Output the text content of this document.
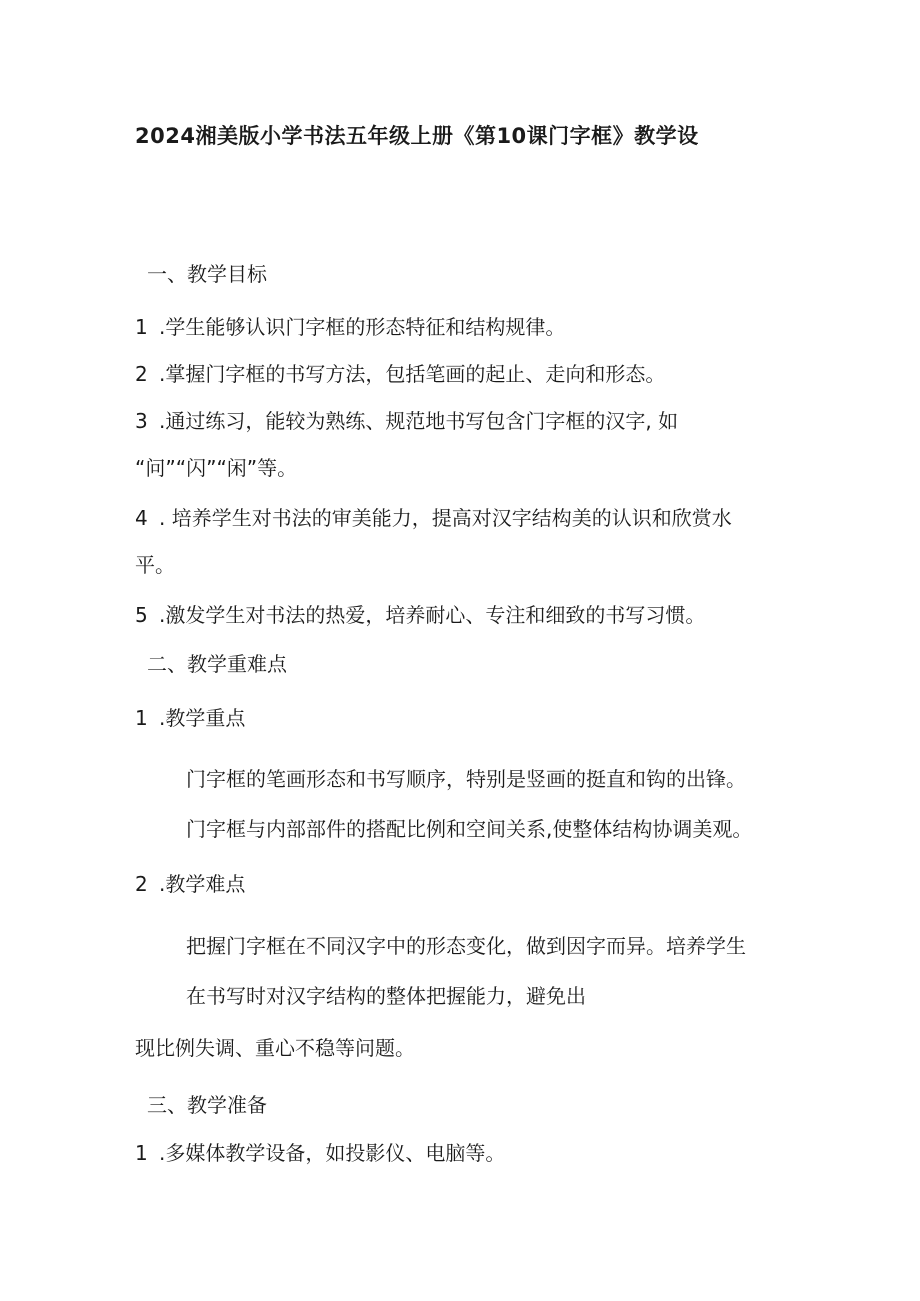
2024湘美版小学书法五年级上册《第10课门字框》教学设
一、教学目标
1 .学生能够认识门字框的形态特征和结构规律。
2 .掌握门字框的书写方法，包括笔画的起止、走向和形态。
3 .通过练习，能较为熟练、规范地书写包含门字框的汉字, 如
“问”“闪”“闲”等。
4 . 培养学生对书法的审美能力，提高对汉字结构美的认识和欣赏水
平。
5 .激发学生对书法的热爱，培养耐心、专注和细致的书写习惯。
二、教学重难点
1 .教学重点
门字框的笔画形态和书写顺序，特别是竖画的挺直和钩的出锋。
门字框与内部部件的搭配比例和空间关系,使整体结构协调美观。
2 .教学难点
把握门字框在不同汉字中的形态变化，做到因字而异。培养学生
在书写时对汉字结构的整体把握能力，避免出
现比例失调、重心不稳等问题。
三、教学准备
1 .多媒体教学设备，如投影仪、电脑等。
